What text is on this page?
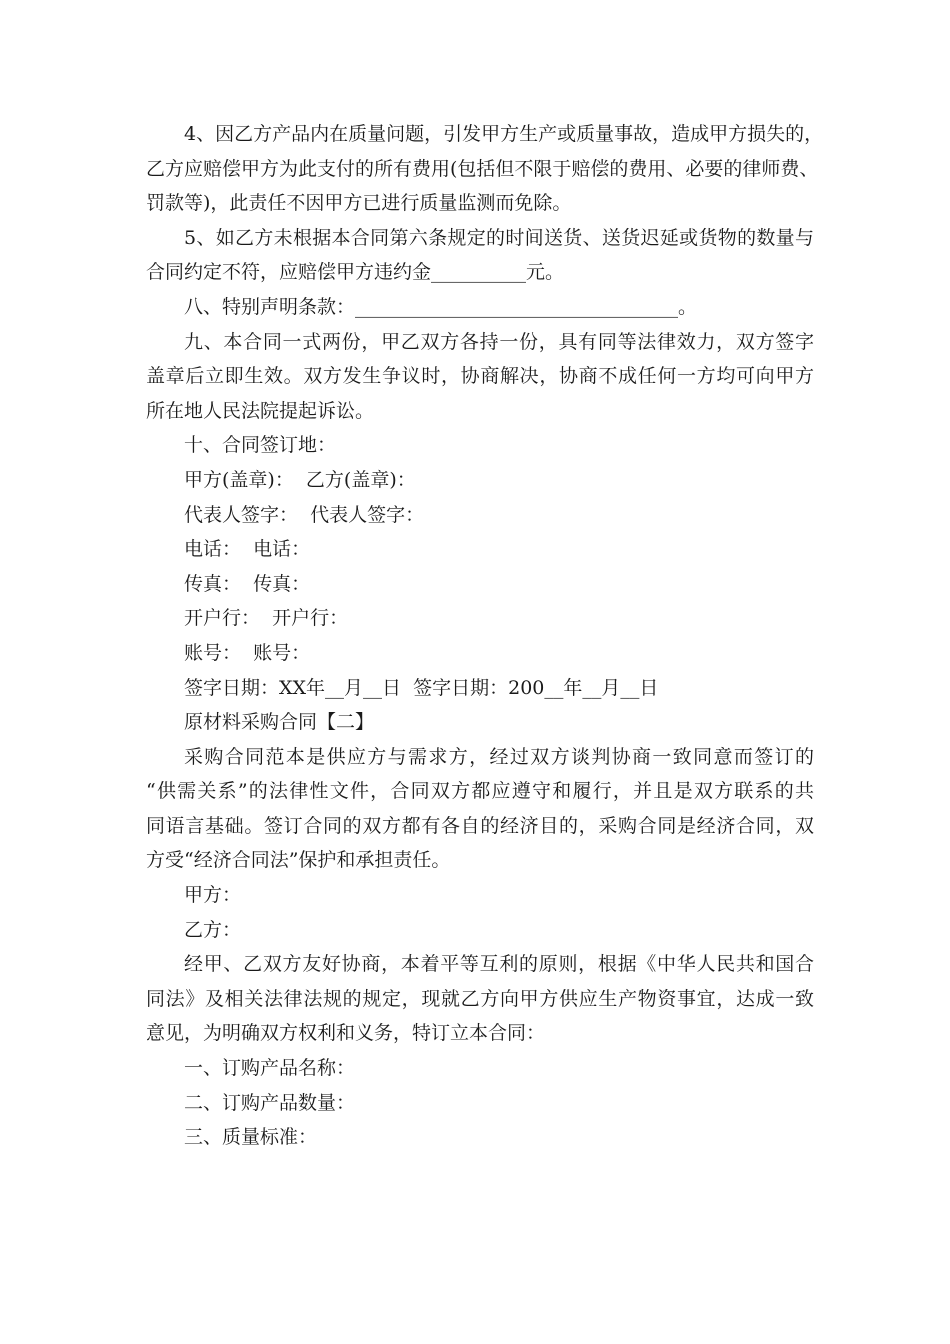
4、因乙方产品内在质量问题，引发甲方生产或质量事故，造成甲方损失的，
乙方应赔偿甲方为此支付的所有费用(包括但不限于赔偿的费用、必要的律师费、
罚款等)，此责任不因甲方已进行质量监测而免除。
5、如乙方未根据本合同第六条规定的时间送货、送货迟延或货物的数量与
合同约定不符，应赔偿甲方违约金__________元。
八、特别声明条款：__________________________________。
九、本合同一式两份，甲乙双方各持一份，具有同等法律效力，双方签字
盖章后立即生效。双方发生争议时，协商解决，协商不成任何一方均可向甲方
所在地人民法院提起诉讼。
十、合同签订地：
甲方(盖章)：  乙方(盖章)：
代表人签字：  代表人签字：
电话：  电话：
传真：  传真：
开户行：  开户行：
账号：  账号：
签字日期：XX年__月__日  签字日期：200__年__月__日
原材料采购合同【二】
采购合同范本是供应方与需求方，经过双方谈判协商一致同意而签订的
“供需关系”的法律性文件，合同双方都应遵守和履行，并且是双方联系的共
同语言基础。签订合同的双方都有各自的经济目的，采购合同是经济合同，双
方受“经济合同法”保护和承担责任。
甲方：
乙方：
经甲、乙双方友好协商，本着平等互利的原则，根据《中华人民共和国合
同法》及相关法律法规的规定，现就乙方向甲方供应生产物资事宜，达成一致
意见，为明确双方权利和义务，特订立本合同：
一、订购产品名称：
二、订购产品数量：
三、质量标准：
